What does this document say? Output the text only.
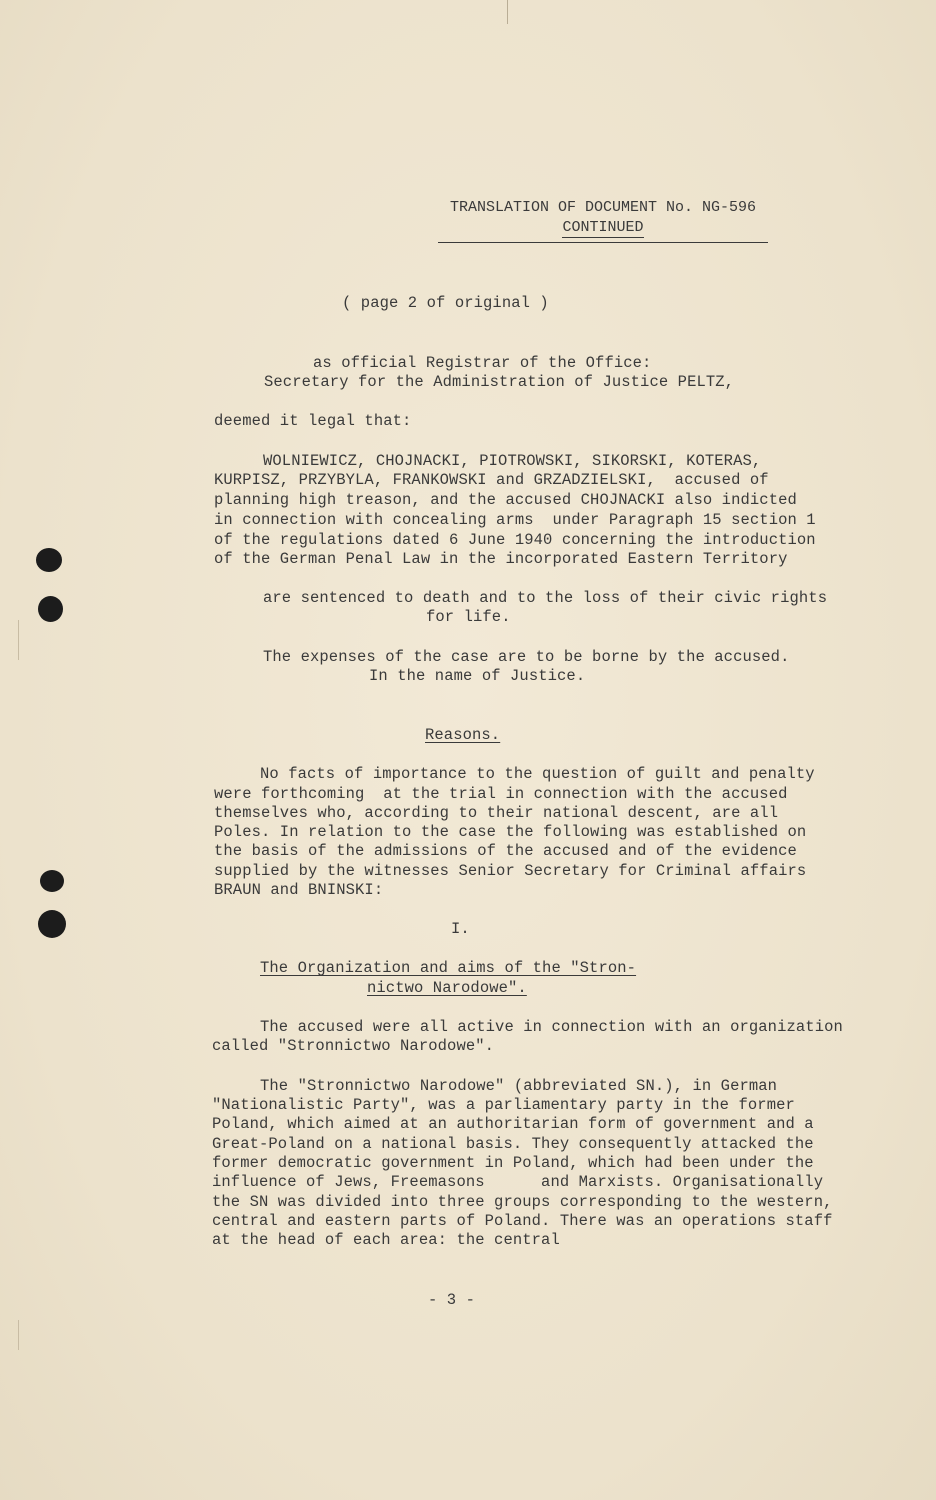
TRANSLATION OF DOCUMENT No. NG-596
CONTINUED
( page 2 of original )
as official Registrar of the Office:
Secretary for the Administration of Justice PELTZ,
deemed it legal that:
WOLNIEWICZ, CHOJNACKI, PIOTROWSKI, SIKORSKI, KOTERAS,
KURPISZ, PRZYBYLA, FRANKOWSKI and GRZADZIELSKI,  accused of
planning high treason, and the accused CHOJNACKI also indicted
in connection with concealing arms  under Paragraph 15 section 1
of the regulations dated 6 June 1940 concerning the introduction
of the German Penal Law in the incorporated Eastern Territory
are sentenced to death and to the loss of their civic rights
for life.
The expenses of the case are to be borne by the accused.
In the name of Justice.
Reasons.
No facts of importance to the question of guilt and penalty
were forthcoming  at the trial in connection with the accused
themselves who, according to their national descent, are all
Poles. In relation to the case the following was established on
the basis of the admissions of the accused and of the evidence
supplied by the witnesses Senior Secretary for Criminal affairs
BRAUN and BNINSKI:
I.
The Organization and aims of the "Stron-
nictwo Narodowe".
The accused were all active in connection with an organization
called "Stronnictwo Narodowe".
The "Stronnictwo Narodowe" (abbreviated SN.), in German
"Nationalistic Party", was a parliamentary party in the former
Poland, which aimed at an authoritarian form of government and a
Great-Poland on a national basis. They consequently attacked the
former democratic government in Poland, which had been under the
influence of Jews, Freemasons      and Marxists. Organisationally
the SN was divided into three groups corresponding to the western,
central and eastern parts of Poland. There was an operations staff
at the head of each area: the central
- 3 -
